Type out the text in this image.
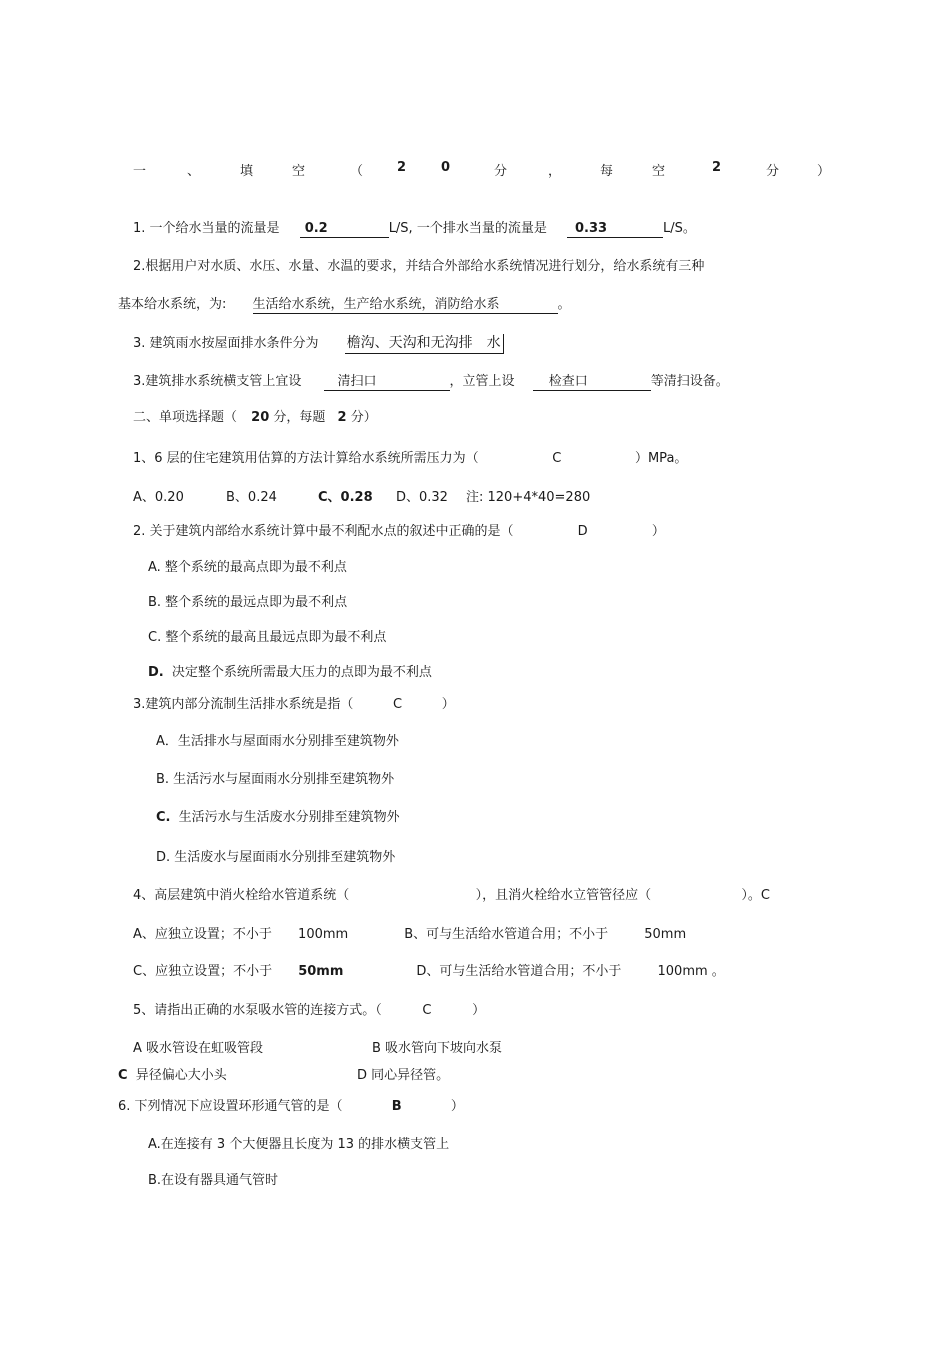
一	、	填	空	（	2	0	分	，	每	空	2	分	）
1. 一个给水当量的流量是 0.2	L/S, 一个排水当量的流量是 0.33	L/S。
2.根据用户对水质、水压、水量、水温的要求，并结合外部给水系统情况进行划分，给水系统有三种
基本给水系统，为: 生活给水系统，生产给水系统，消防给水系	。
3. 建筑雨水按屋面排水条件分为 檐沟、天沟和无沟排　水
3.建筑排水系统横支管上宜设	清扫口	，立管上设	检查口	等清扫设备。
二、单项选择题（ 20 分，每题 2 分）
1、6 层的住宅建筑用估算的方法计算给水系统所需压力为（	C	）MPa。
A、0.20	B、0.24	C、0.28 D、0.32 注: 120+4*40=280
2. 关于建筑内部给水系统计算中最不利配水点的叙述中正确的是（	D	）
A. 整个系统的最高点即为最不利点
B. 整个系统的最远点即为最不利点
C. 整个系统的最高且最远点即为最不利点
D. 决定整个系统所需最大压力的点即为最不利点
3.建筑内部分流制生活排水系统是指（	C	）
A．生活排水与屋面雨水分别排至建筑物外
B. 生活污水与屋面雨水分别排至建筑物外
C. 生活污水与生活废水分别排至建筑物外
D. 生活废水与屋面雨水分别排至建筑物外
4、高层建筑中消火栓给水管道系统（	），且消火栓给水立管管径应（	）。C
A、应独立设置；不小于 100mm	B、可与生活给水管道合用；不小于	50mm
C、应独立设置；不小于 50mm	D、可与生活给水管道合用；不小于	100mm 。
5、请指出正确的水泵吸水管的连接方式。（	C	）
A 吸水管设在虹吸管段	B 吸水管向下坡向水泵
C 异径偏心大小头	D 同心异径管。
6. 下列情况下应设置环形通气管的是（	B	）
A.在连接有 3 个大便器且长度为 13 的排水横支管上
B.在设有器具通气管时
